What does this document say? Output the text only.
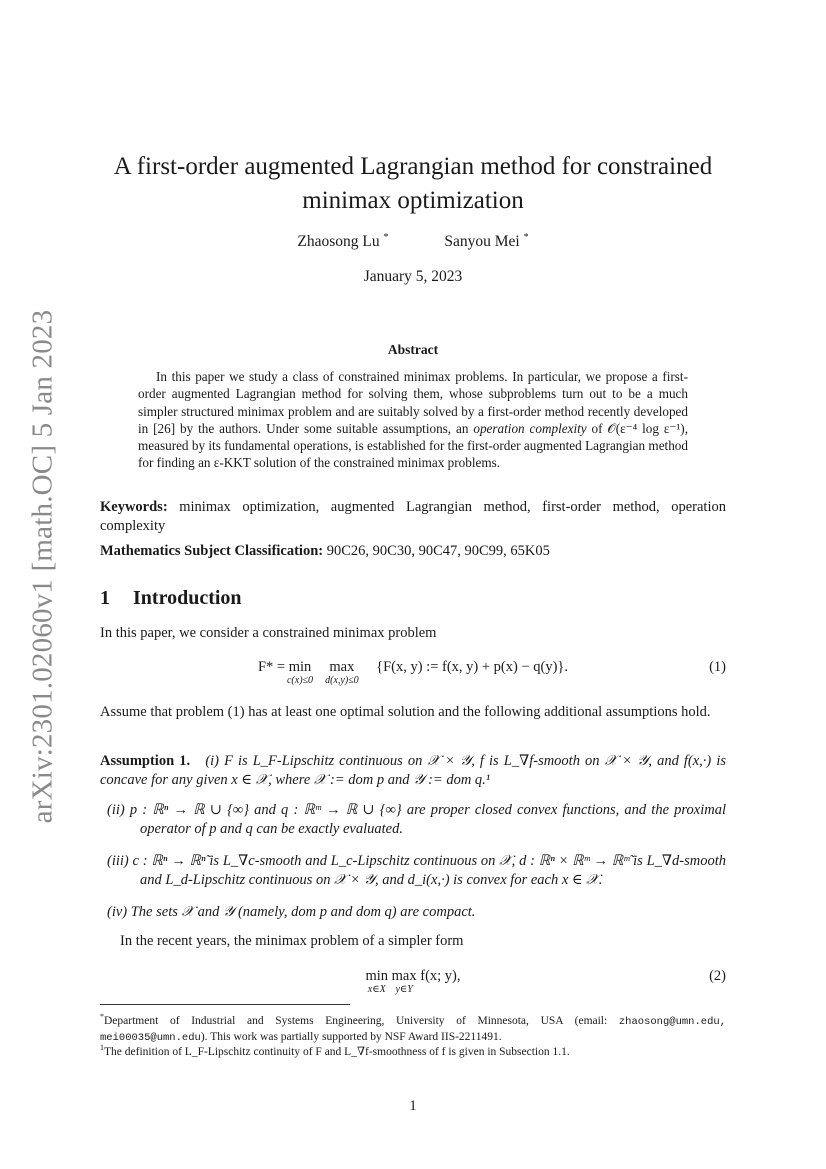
arXiv:2301.02060v1 [math.OC] 5 Jan 2023
A first-order augmented Lagrangian method for constrained
minimax optimization
Zhaosong Lu *	Sanyou Mei *
January 5, 2023
Abstract
In this paper we study a class of constrained minimax problems. In particular, we propose a first-order augmented Lagrangian method for solving them, whose subproblems turn out to be a much simpler structured minimax problem and are suitably solved by a first-order method recently developed in [26] by the authors. Under some suitable assumptions, an operation complexity of 𝒪(ε⁻⁴ log ε⁻¹), measured by its fundamental operations, is established for the first-order augmented Lagrangian method for finding an ε-KKT solution of the constrained minimax problems.
Keywords: minimax optimization, augmented Lagrangian method, first-order method, operation complexity
Mathematics Subject Classification: 90C26, 90C30, 90C47, 90C99, 65K05
1 Introduction
In this paper, we consider a constrained minimax problem
F* = min
c(x)≤0
max
d(x,y)≤0
{F(x, y) := f(x, y) + p(x) − q(y)}.	(1)
Assume that problem (1) has at least one optimal solution and the following additional assumptions hold.
Assumption 1. (i) F is L_F-Lipschitz continuous on 𝒳 × 𝒴, f is L_∇f-smooth on 𝒳 × 𝒴, and f(x,·) is concave for any given x ∈ 𝒳, where 𝒳 := dom p and 𝒴 := dom q.¹
(ii) p : ℝⁿ → ℝ ∪ {∞} and q : ℝᵐ → ℝ ∪ {∞} are proper closed convex functions, and the proximal operator of p and q can be exactly evaluated.
(iii) c : ℝⁿ → ℝⁿ̃ is L_∇c-smooth and L_c-Lipschitz continuous on 𝒳, d : ℝⁿ × ℝᵐ → ℝᵐ̃ is L_∇d-smooth and L_d-Lipschitz continuous on 𝒳 × 𝒴, and d_i(x,·) is convex for each x ∈ 𝒳.
(iv) The sets 𝒳 and 𝒴 (namely, dom p and dom q) are compact.
In the recent years, the minimax problem of a simpler form
min
x∈X
max
y∈Y
f(x; y),	(2)
*Department of Industrial and Systems Engineering, University of Minnesota, USA (email: zhaosong@umn.edu, mei00035@umn.edu). This work was partially supported by NSF Award IIS-2211491.
$^1$The definition of L_F-Lipschitz continuity of F and L_∇f-smoothness of f is given in Subsection 1.1.
1
